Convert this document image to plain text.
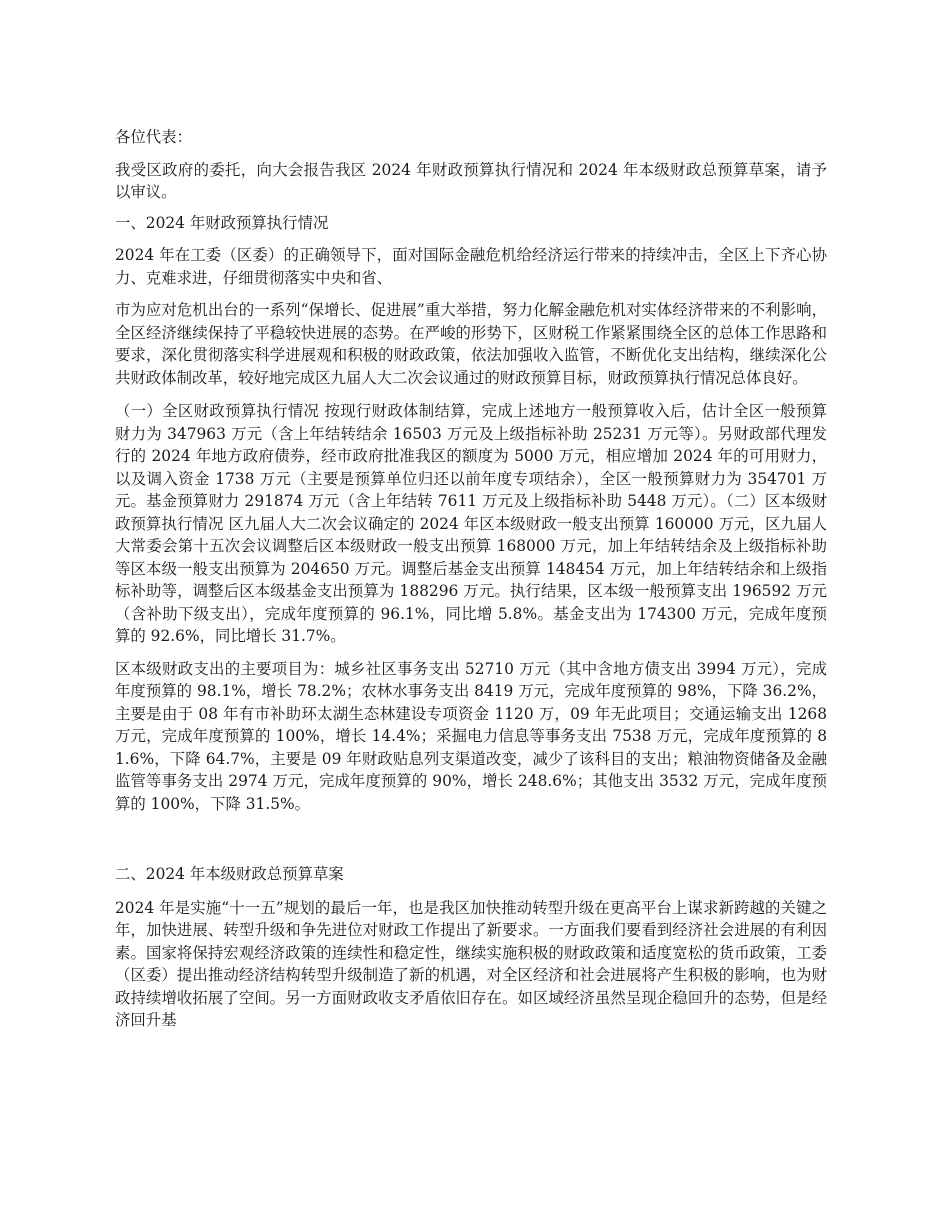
各位代表：

我受区政府的委托，向大会报告我区 2024 年财政预算执行情况和 2024 年本级财政总预算草案，请予以审议。

一、2024 年财政预算执行情况

2024 年在工委（区委）的正确领导下，面对国际金融危机给经济运行带来的持续冲击，全区上下齐心协力、克难求进，仔细贯彻落实中央和省、

市为应对危机出台的一系列“保增长、促进展”重大举措，努力化解金融危机对实体经济带来的不利影响，全区经济继续保持了平稳较快进展的态势。在严峻的形势下，区财税工作紧紧围绕全区的总体工作思路和要求，深化贯彻落实科学进展观和积极的财政政策，依法加强收入监管，不断优化支出结构，继续深化公共财政体制改革，较好地完成区九届人大二次会议通过的财政预算目标，财政预算执行情况总体良好。

（一）全区财政预算执行情况 按现行财政体制结算，完成上述地方一般预算收入后，估计全区一般预算财力为 347963 万元（含上年结转结余 16503 万元及上级指标补助 25231 万元等）。另财政部代理发行的 2024 年地方政府债券，经市政府批准我区的额度为 5000 万元，相应增加 2024 年的可用财力，以及调入资金 1738 万元（主要是预算单位归还以前年度专项结余），全区一般预算财力为 354701 万元。基金预算财力 291874 万元（含上年结转 7611 万元及上级指标补助 5448 万元）。（二）区本级财政预算执行情况 区九届人大二次会议确定的 2024 年区本级财政一般支出预算 160000 万元，区九届人大常委会第十五次会议调整后区本级财政一般支出预算 168000 万元，加上年结转结余及上级指标补助等区本级一般支出预算为 204650 万元。调整后基金支出预算 148454 万元，加上年结转结余和上级指标补助等，调整后区本级基金支出预算为 188296 万元。执行结果，区本级一般预算支出 196592 万元（含补助下级支出），完成年度预算的 96.1%，同比增 5.8%。基金支出为 174300 万元，完成年度预算的 92.6%，同比增长 31.7%。

区本级财政支出的主要项目为：城乡社区事务支出 52710 万元（其中含地方债支出 3994 万元），完成年度预算的 98.1%，增长 78.2%；农林水事务支出 8419 万元，完成年度预算的 98%，下降 36.2%，主要是由于 08 年有市补助环太湖生态林建设专项资金 1120 万，09 年无此项目；交通运输支出 1268 万元，完成年度预算的 100%，增长 14.4%；采掘电力信息等事务支出 7538 万元，完成年度预算的 81.6%，下降 64.7%，主要是 09 年财政贴息列支渠道改变，减少了该科目的支出；粮油物资储备及金融监管等事务支出 2974 万元，完成年度预算的 90%，增长 248.6%；其他支出 3532 万元，完成年度预算的 100%，下降 31.5%。

二、2024 年本级财政总预算草案

2024 年是实施“十一五”规划的最后一年，也是我区加快推动转型升级在更高平台上谋求新跨越的关键之年，加快进展、转型升级和争先进位对财政工作提出了新要求。一方面我们要看到经济社会进展的有利因素。国家将保持宏观经济政策的连续性和稳定性，继续实施积极的财政政策和适度宽松的货币政策，工委（区委）提出推动经济结构转型升级制造了新的机遇，对全区经济和社会进展将产生积极的影响，也为财政持续增收拓展了空间。另一方面财政收支矛盾依旧存在。如区域经济虽然呈现企稳回升的态势，但是经济回升基
